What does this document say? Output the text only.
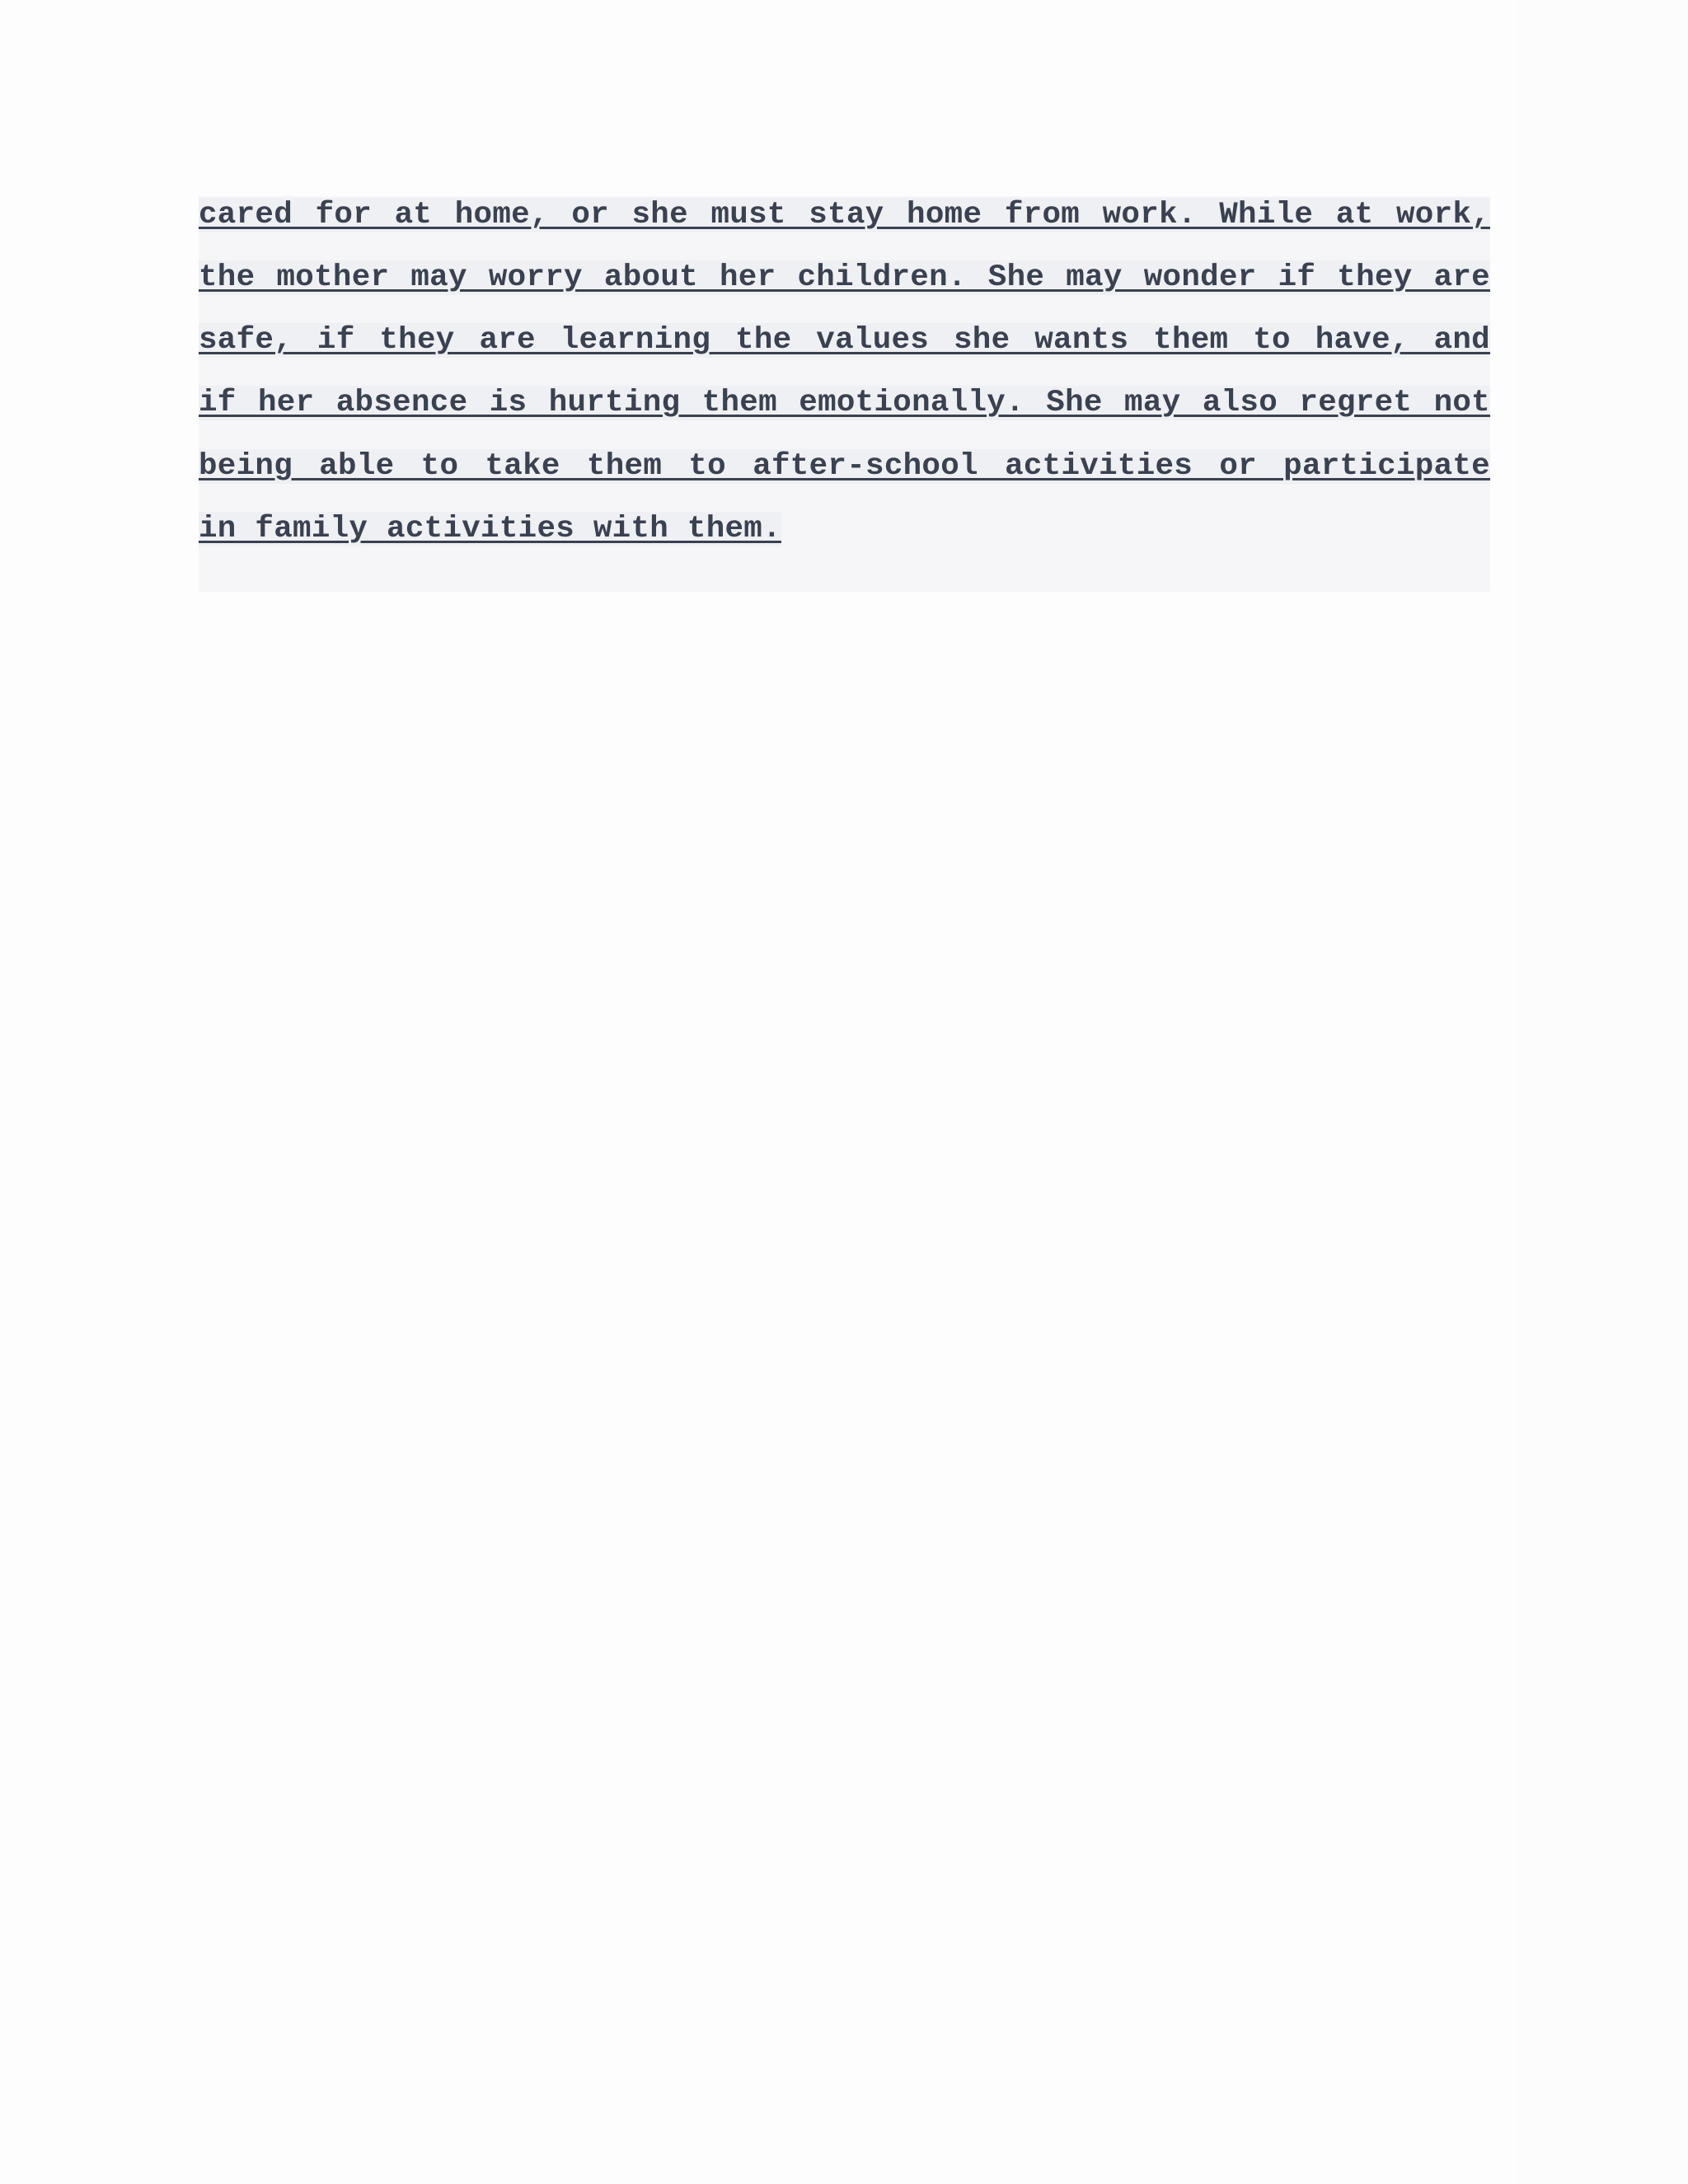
cared for at home, or she must stay home from work. While at work,
the mother may worry about her children. She may wonder if they are
safe, if they are learning the values she wants them to have, and
if her absence is hurting them emotionally. She may also regret not
being able to take them to after-school activities or participate
in family activities with them.
